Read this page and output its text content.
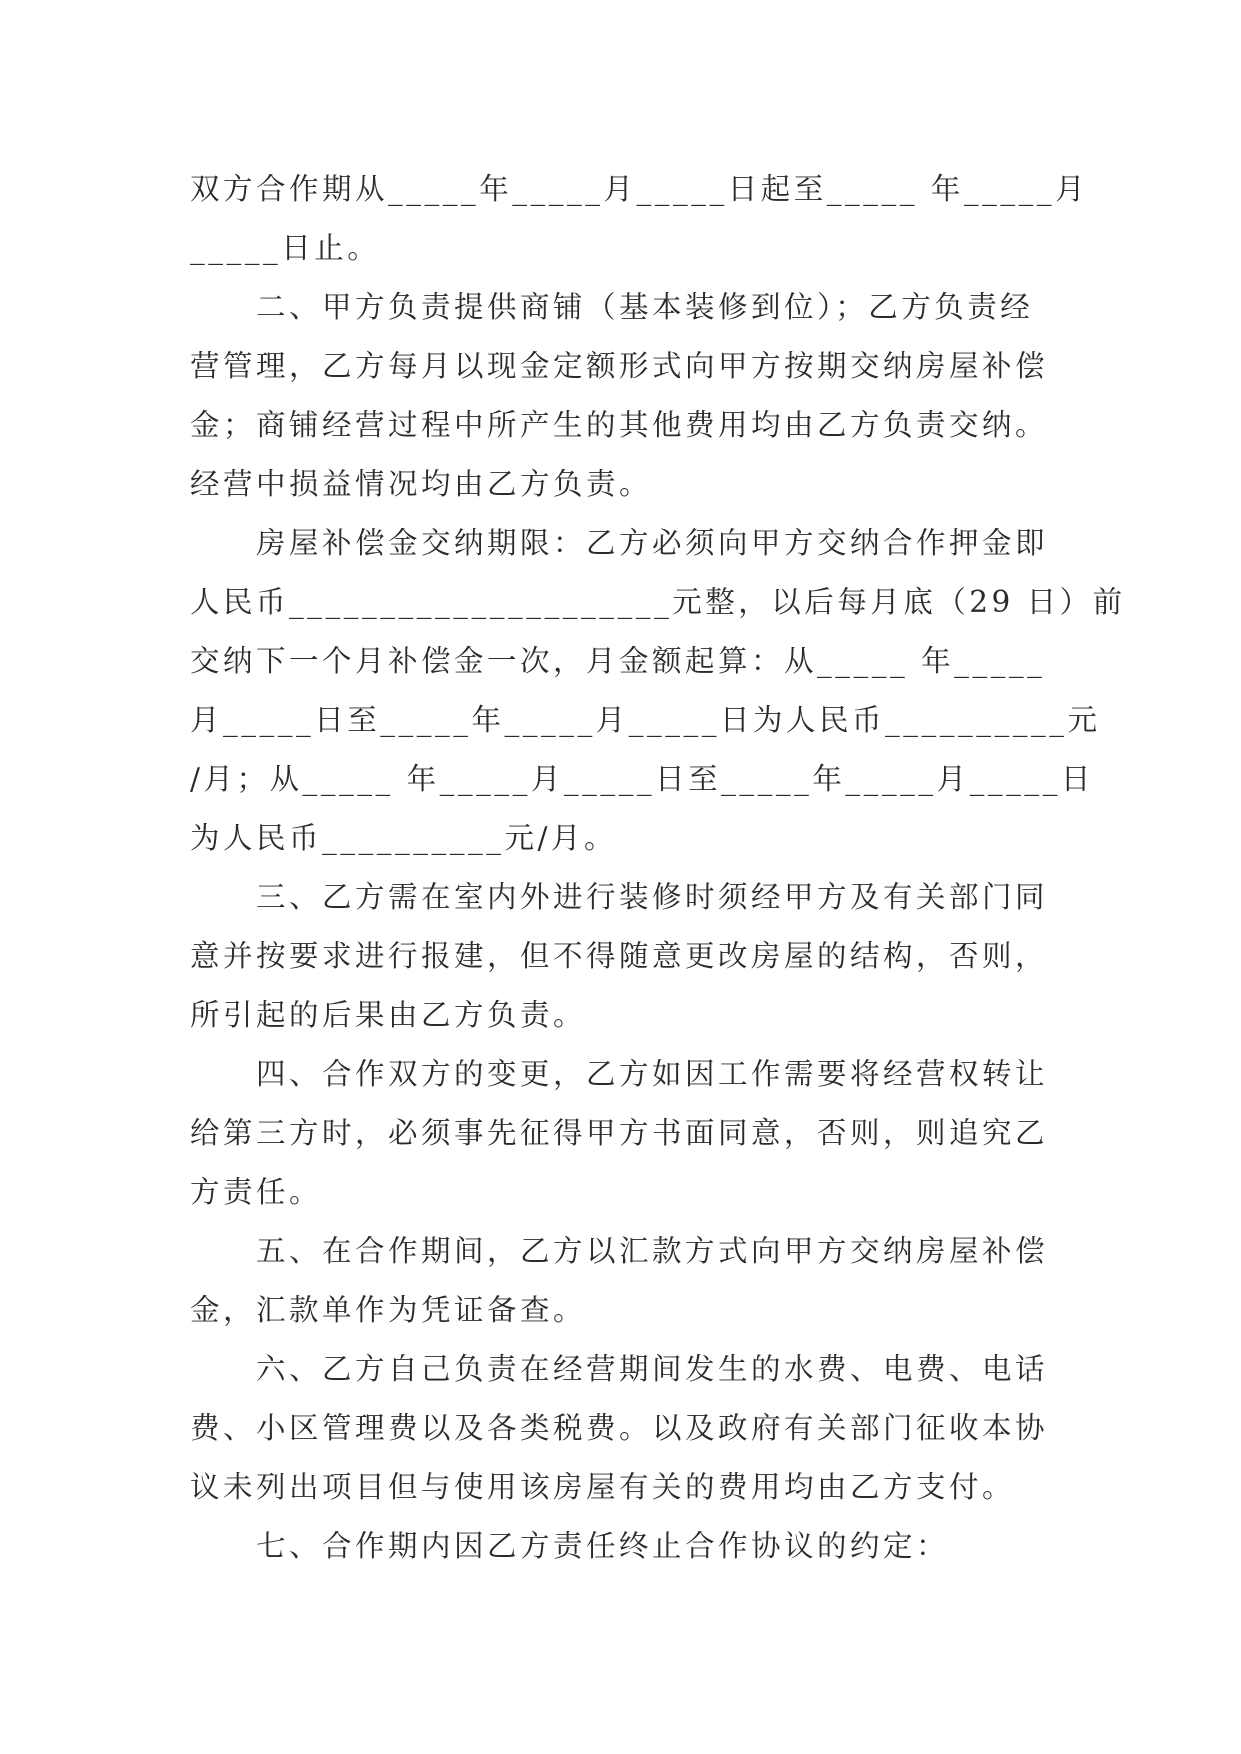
双方合作期从_____年_____月_____日起至_____ 年_____月
_____日止。

二、甲方负责提供商铺（基本装修到位）；乙方负责经
营管理，乙方每月以现金定额形式向甲方按期交纳房屋补偿
金；商铺经营过程中所产生的其他费用均由乙方负责交纳。
经营中损益情况均由乙方负责。

房屋补偿金交纳期限：乙方必须向甲方交纳合作押金即
人民币_____________________元整，以后每月底（29 日）前
交纳下一个月补偿金一次，月金额起算：从_____ 年_____
月_____日至_____年_____月_____日为人民币__________元
/月；从_____ 年_____月_____日至_____年_____月_____日
为人民币__________元/月。

三、乙方需在室内外进行装修时须经甲方及有关部门同
意并按要求进行报建，但不得随意更改房屋的结构，否则，
所引起的后果由乙方负责。

四、合作双方的变更，乙方如因工作需要将经营权转让
给第三方时，必须事先征得甲方书面同意，否则，则追究乙
方责任。

五、在合作期间，乙方以汇款方式向甲方交纳房屋补偿
金，汇款单作为凭证备查。

六、乙方自己负责在经营期间发生的水费、电费、电话
费、小区管理费以及各类税费。以及政府有关部门征收本协
议未列出项目但与使用该房屋有关的费用均由乙方支付。

七、合作期内因乙方责任终止合作协议的约定：
